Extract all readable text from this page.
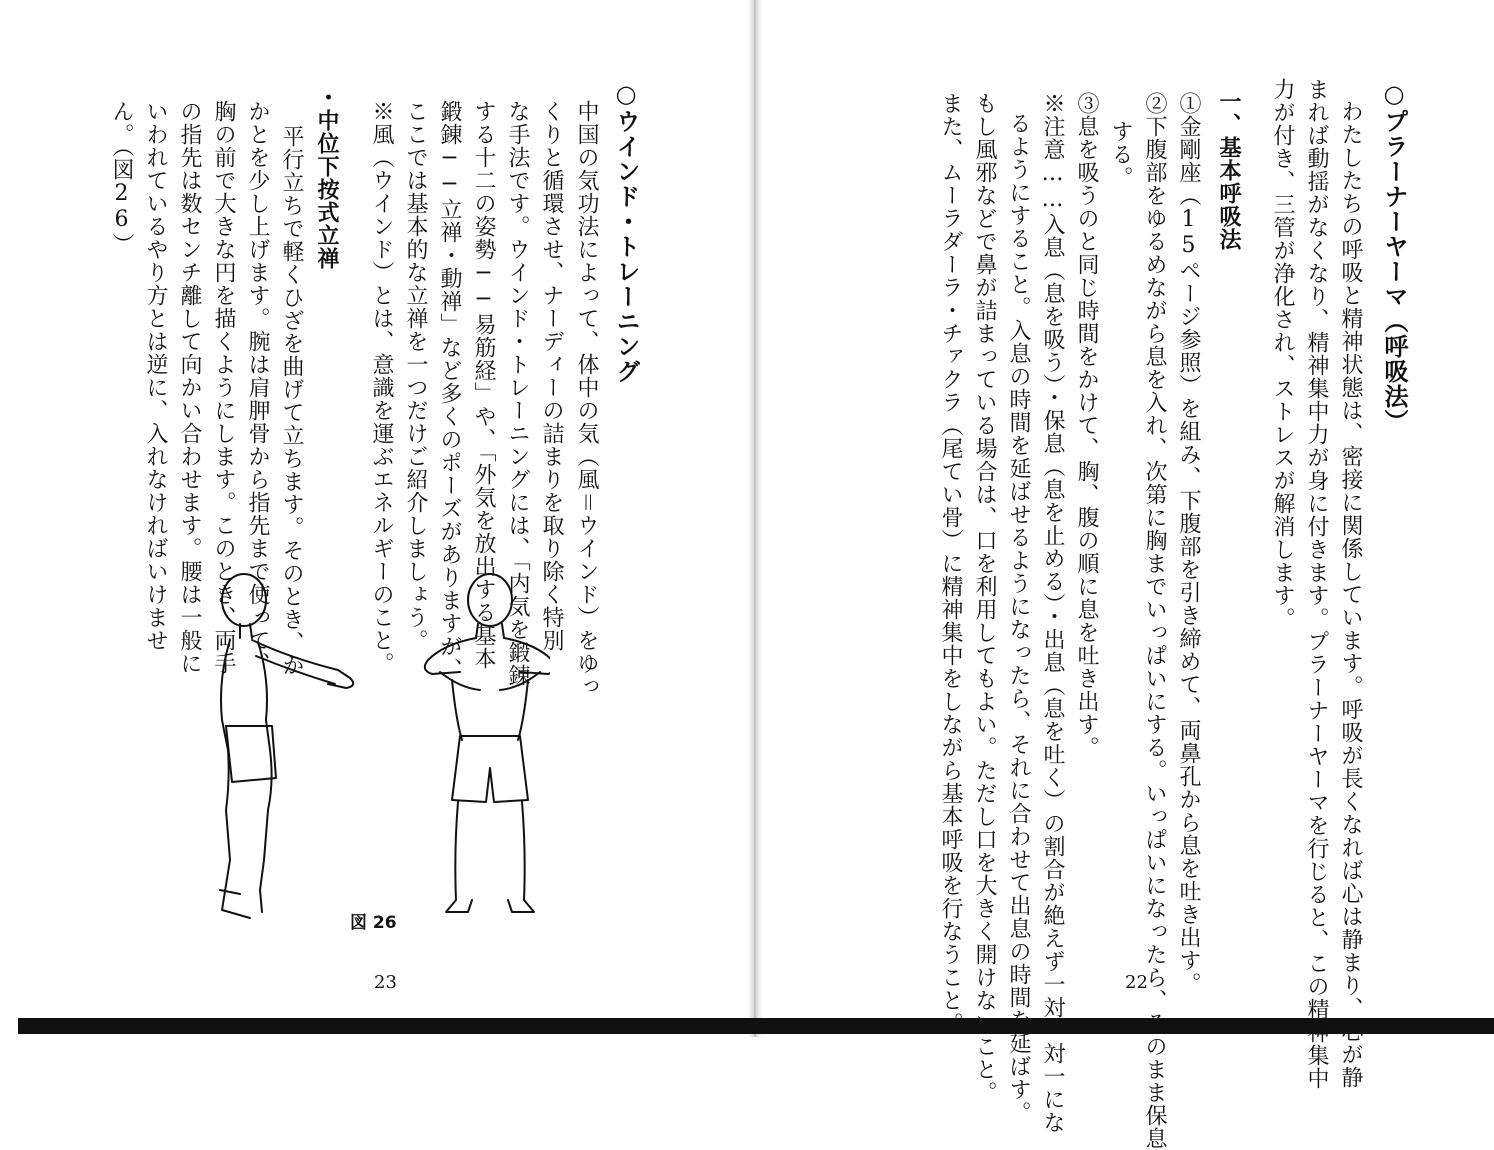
○ウインド・トレーニング
中国の気功法によって、体中の気（風＝ウインド）をゆっ
くりと循環させ、ナーディーの詰まりを取り除く特別
な手法です。ウインド・トレーニングには、「内気を鍛錬
する十二の姿勢──易筋経」や、「外気を放出する基本
鍛錬──立禅・動禅」など多くのポーズがありますが、
ここでは基本的な立禅を一つだけご紹介しましょう。
※風（ウインド）とは、意識を運ぶエネルギーのこと。
・中位下按式立禅
平行立ちで軽くひざを曲げて立ちます。そのとき、か
かとを少し上げます。腕は肩胛骨から指先まで使って、
胸の前で大きな円を描くようにします。このとき、両手
の指先は数センチ離して向かい合わせます。腰は一般に
いわれているやり方とは逆に、入れなければいけませ
ん。（図26）
図 26
23
○プラーナーヤーマ（呼吸法）
わたしたちの呼吸と精神状態は、密接に関係しています。呼吸が長くなれば心は静まり、心が静
まれば動揺がなくなり、精神集中力が身に付きます。プラーナーヤーマを行じると、この精神集中
力が付き、三管が浄化され、ストレスが解消します。
一、基本呼吸法
①金剛座（15ページ参照）を組み、下腹部を引き締めて、両鼻孔から息を吐き出す。
②下腹部をゆるめながら息を入れ、次第に胸までいっぱいにする。いっぱいになったら、そのまま保息
する。
③息を吸うのと同じ時間をかけて、胸、腹の順に息を吐き出す。
※注意……入息（息を吸う）・保息（息を止める）・出息（息を吐く）の割合が絶えず一対一対一にな
るようにすること。入息の時間を延ばせるようになったら、それに合わせて出息の時間を延ばす。
もし風邪などで鼻が詰まっている場合は、口を利用してもよい。ただし口を大きく開けないこと。
また、ムーラダーラ・チァクラ（尾てい骨）に精神集中をしながら基本呼吸を行なうこと。	22
